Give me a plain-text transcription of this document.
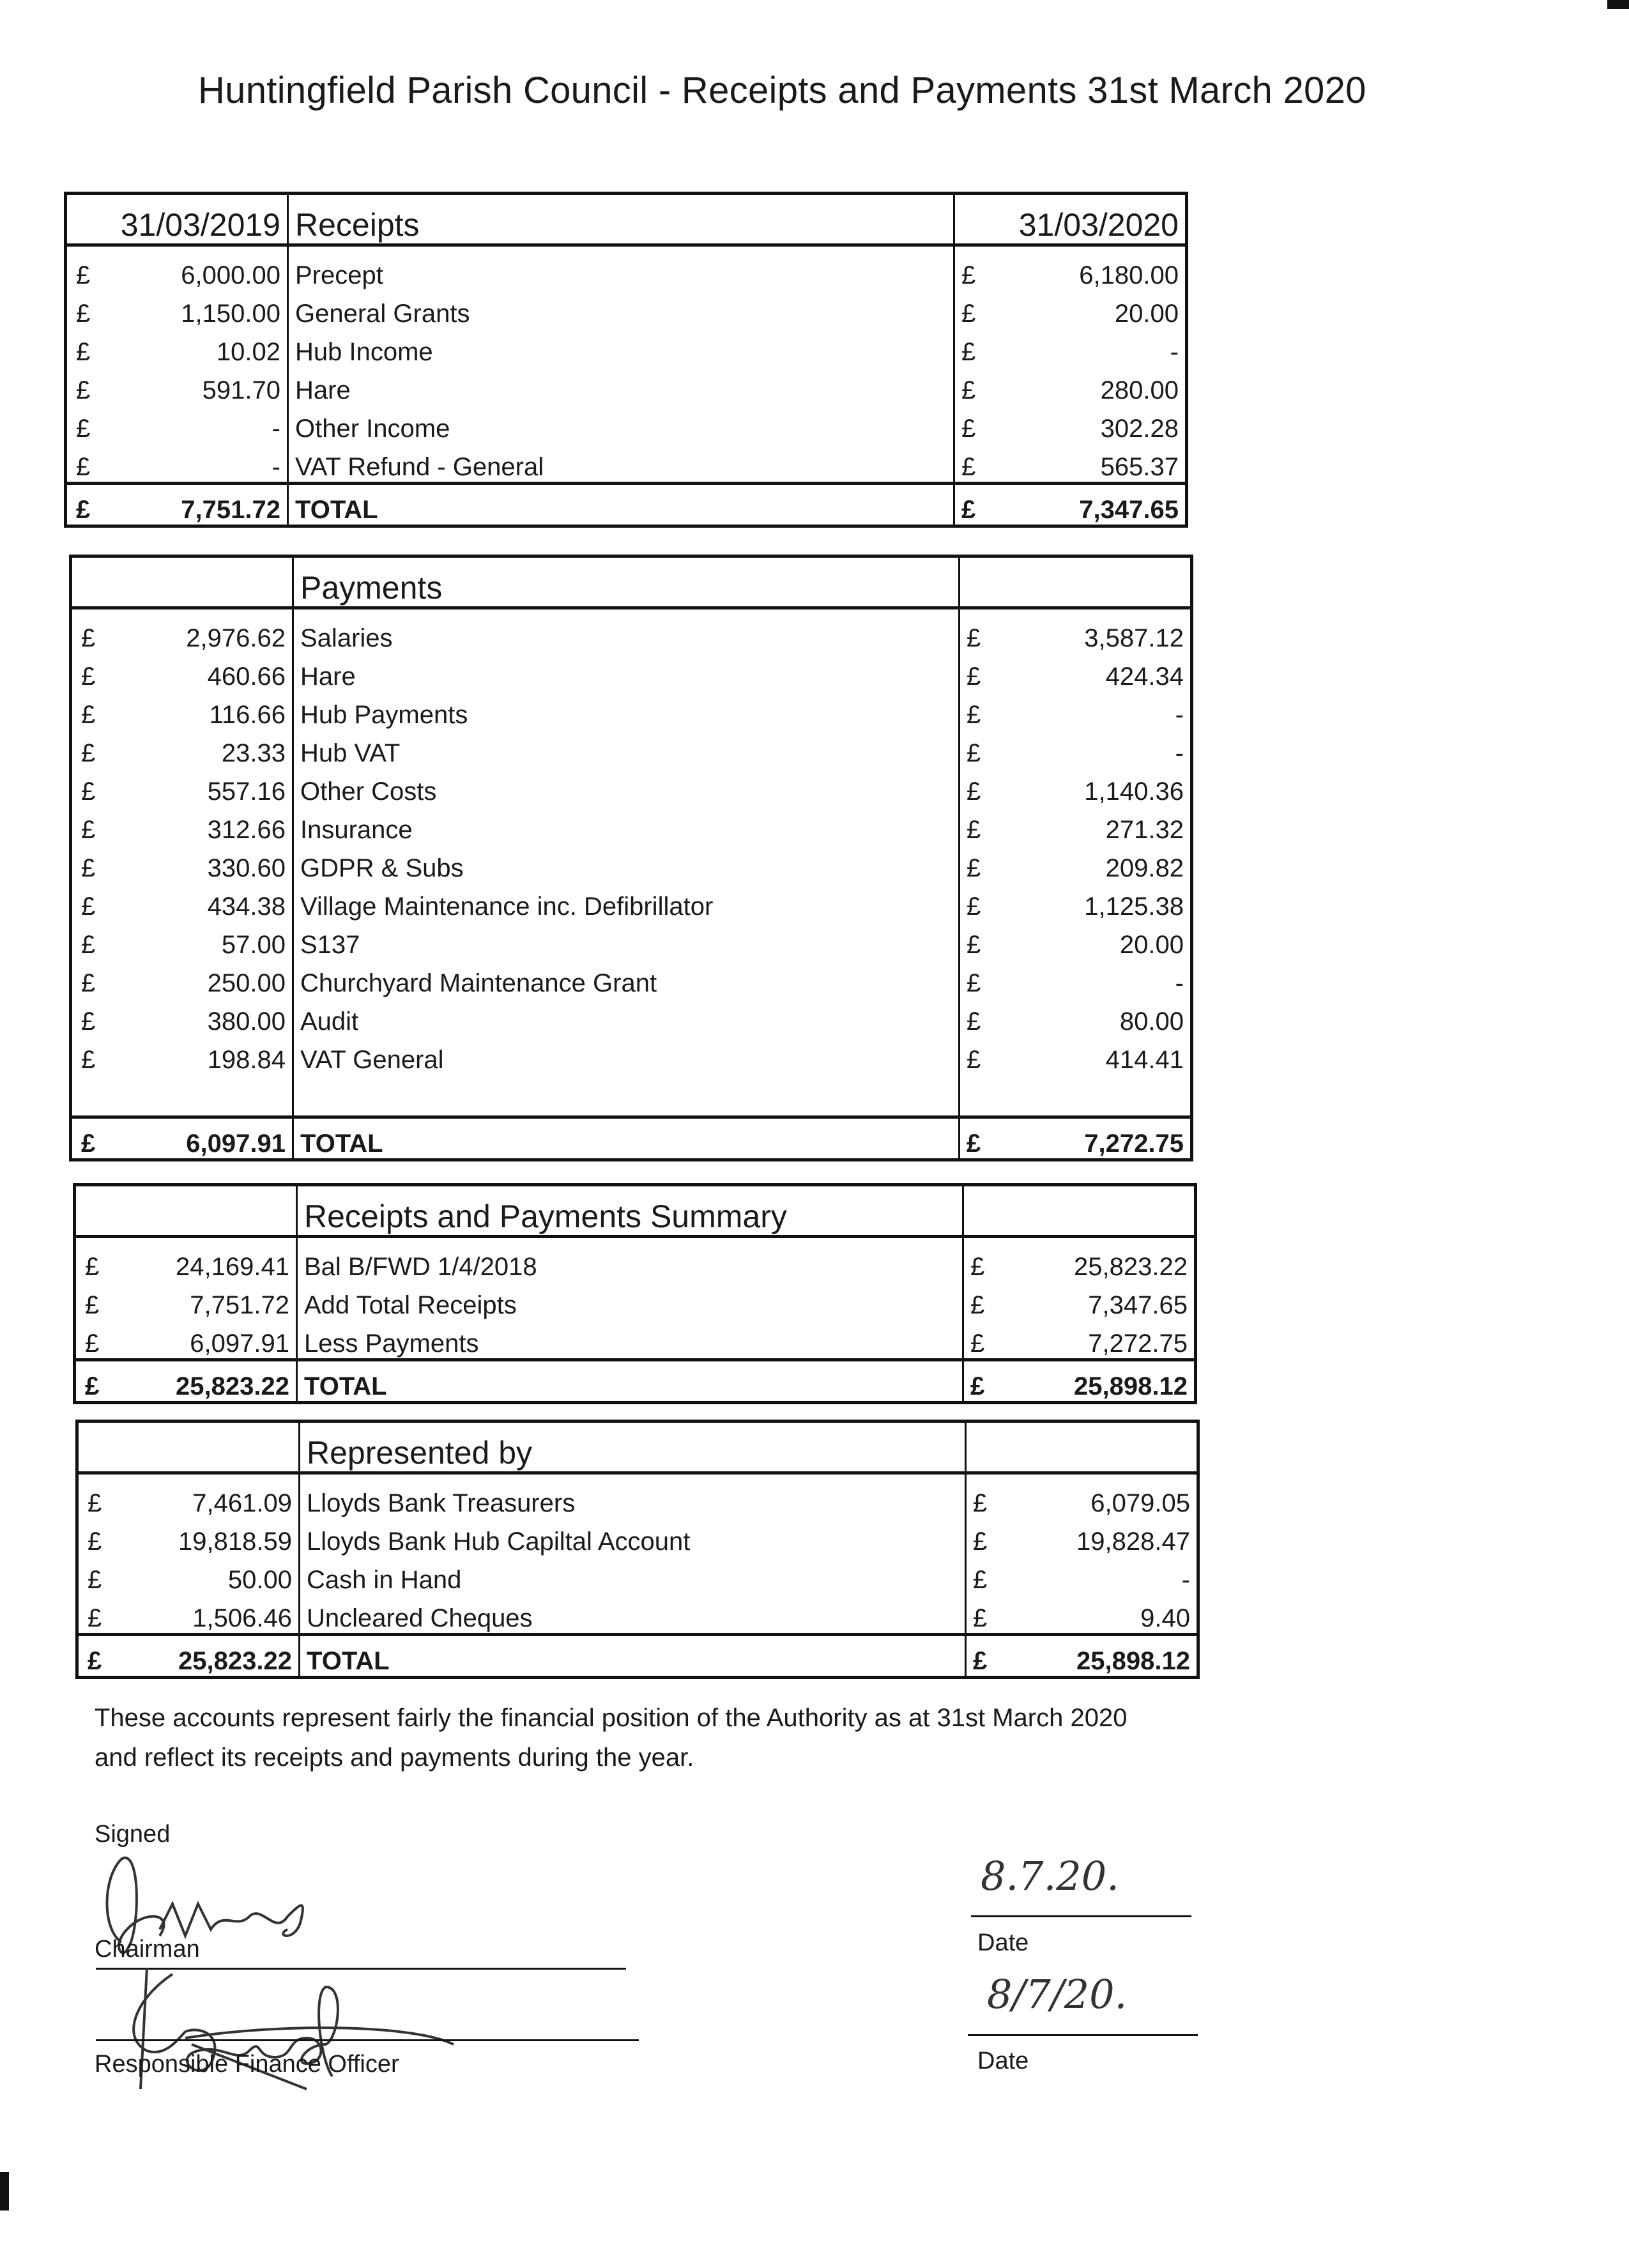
Huntingfield Parish Council - Receipts and Payments 31st March 2020
31/03/2019		Receipts	31/03/2020	
£	6,000.00	Precept	£	6,180.00
£	1,150.00	General Grants	£	20.00
£	10.02	Hub Income	£	-
£	591.70	Hare	£	280.00
£	-	Other Income	£	302.28
£	-	VAT Refund - General	£	565.37
£	7,751.72	TOTAL	£	7,347.65
		Payments		
£	2,976.62	Salaries	£	3,587.12
£	460.66	Hare	£	424.34
£	116.66	Hub Payments	£	-
£	23.33	Hub VAT	£	-
£	557.16	Other Costs	£	1,140.36
£	312.66	Insurance	£	271.32
£	330.60	GDPR & Subs	£	209.82
£	434.38	Village Maintenance inc. Defibrillator	£	1,125.38
£	57.00	S137	£	20.00
£	250.00	Churchyard Maintenance Grant	£	-
£	380.00	Audit	£	80.00
£	198.84	VAT General	£	414.41

£	6,097.91	TOTAL	£	7,272.75
		Receipts and Payments Summary		
£	24,169.41	Bal B/FWD 1/4/2018	£	25,823.22
£	7,751.72	Add Total Receipts	£	7,347.65
£	6,097.91	Less Payments	£	7,272.75
£	25,823.22	TOTAL	£	25,898.12
		Represented by		
£	7,461.09	Lloyds Bank Treasurers	£	6,079.05
£	19,818.59	Lloyds Bank Hub Capiltal Account	£	19,828.47
£	50.00	Cash in Hand	£	-
£	1,506.46	Uncleared Cheques	£	9.40
£	25,823.22	TOTAL	£	25,898.12
These accounts represent fairly the financial position of the Authority as at 31st March 2020
and reflect its receipts and payments during the year.
Signed
Chairman
Responsible Finance Officer
8.7.20.
Date
8/7/20.
Date
